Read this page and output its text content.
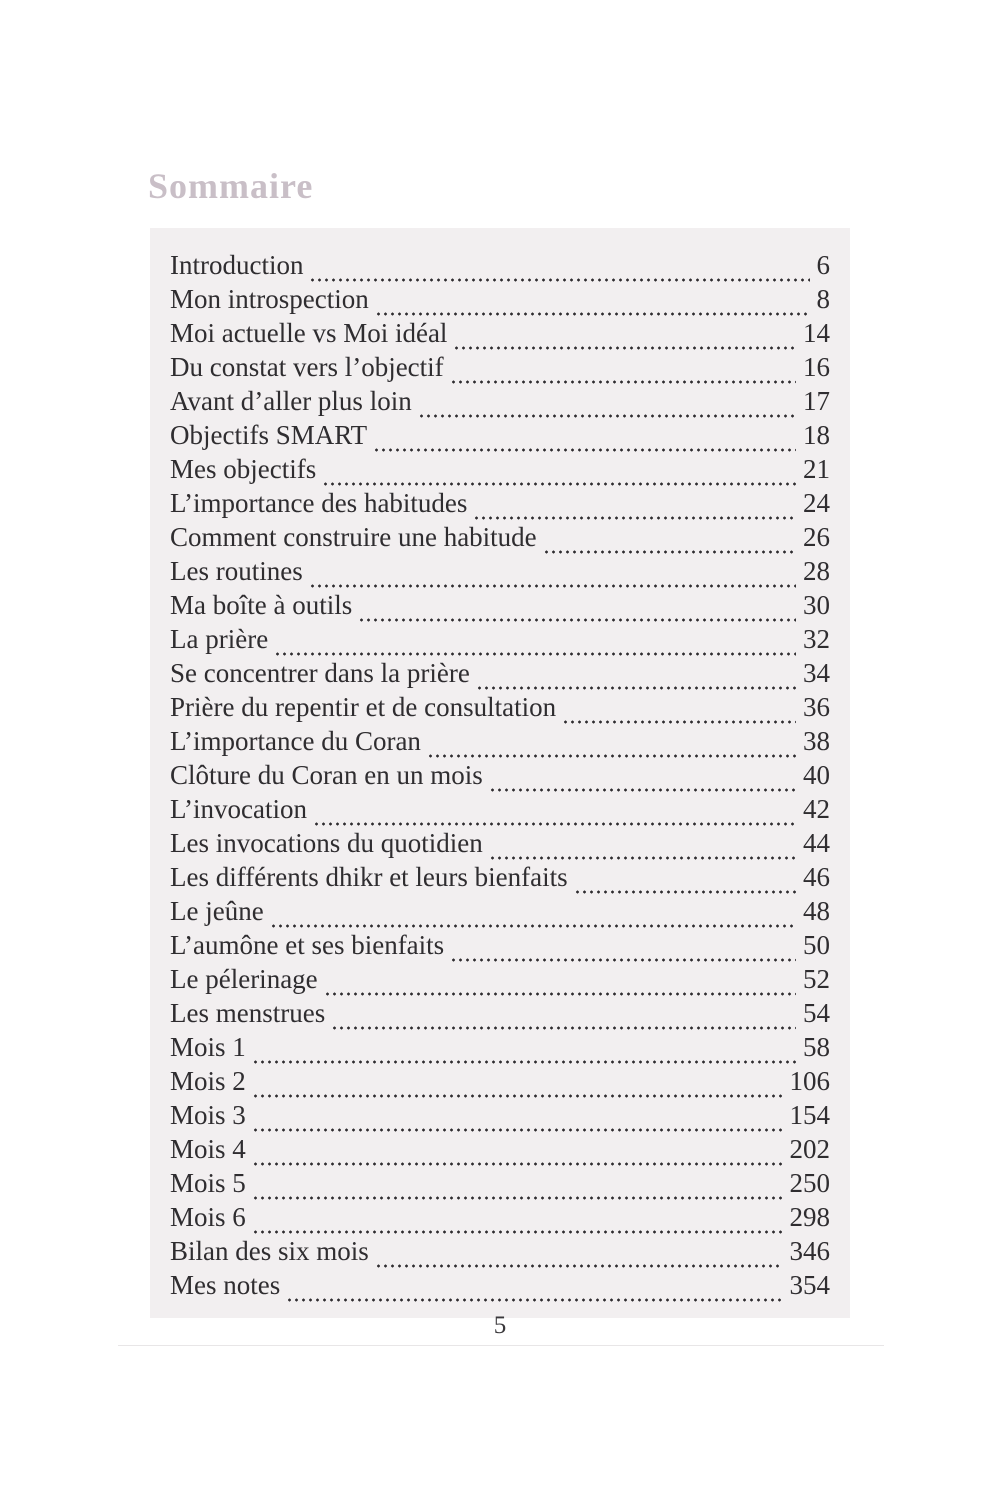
Sommaire
Introduction	6
Mon introspection	8
Moi actuelle vs Moi idéal	14
Du constat vers l’objectif	16
Avant d’aller plus loin	17
Objectifs SMART	18
Mes objectifs	21
L’importance des habitudes	24
Comment construire une habitude	26
Les routines	28
Ma boîte à outils	30
La prière	32
Se concentrer dans la prière	34
Prière du repentir et de consultation	36
L’importance du Coran	38
Clôture du Coran en un mois	40
L’invocation	42
Les invocations du quotidien	44
Les différents dhikr et leurs bienfaits	46
Le jeûne	48
L’aumône et ses bienfaits	50
Le pélerinage	52
Les menstrues	54
Mois 1	58
Mois 2	106
Mois 3	154
Mois 4	202
Mois 5	250
Mois 6	298
Bilan des six mois	346
Mes notes	354
5
